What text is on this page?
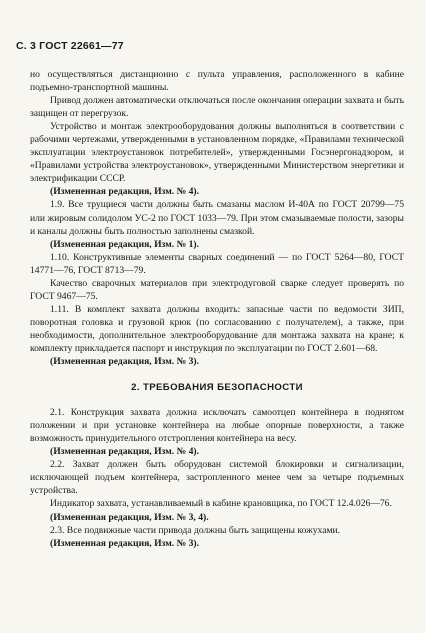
С. 3 ГОСТ 22661—77

но осуществляться дистанционно с пульта управления, расположенного в кабине подъемно-транспортной машины.

Привод должен автоматически отключаться после окончания операции захвата и быть защищен от перегрузок.

Устройство и монтаж электрооборудования должны выполняться в соответствии с рабочими чертежами, утвержденными в установленном порядке, «Правилами технической эксплуатации электроустановок потребителей», утвержденными Госэнергонадзором, и «Правилами устройства электроустановок», утвержденными Министерством энергетики и электрификации СССР.

(Измененная редакция, Изм. № 4).

1.9. Все трущиеся части должны быть смазаны маслом И-40А по ГОСТ 20799—75 или жировым солидолом УС-2 по ГОСТ 1033—79. При этом смазываемые полости, зазоры и каналы должны быть полностью заполнены смазкой.

(Измененная редакция, Изм. № 1).

1.10. Конструктивные элементы сварных соединений — по ГОСТ 5264—80, ГОСТ 14771—76, ГОСТ 8713—79.

Качество сварочных материалов при электродуговой сварке следует проверять по ГОСТ 9467—75.

1.11. В комплект захвата должны входить: запасные части по ведомости ЗИП, поворотная головка и грузовой крюк (по согласованию с получателем), а также, при необходимости, дополнительное электрооборудование для монтажа захвата на кране; к комплекту прикладается паспорт и инструкция по эксплуатации по ГОСТ 2.601—68.

(Измененная редакция, Изм. № 3).

2. ТРЕБОВАНИЯ БЕЗОПАСНОСТИ

2.1. Конструкция захвата должна исключать самоотцеп контейнера в поднятом положении и при установке контейнера на любые опорные поверхности, а также возможность принудительного отстропления контейнера на весу.

(Измененная редакция, Изм. № 4).

2.2. Захват должен быть оборудован системой блокировки и сигнализации, исключающей подъем контейнера, застропленного менее чем за четыре подъемных устройства.

Индикатор захвата, устанавливаемый в кабине крановщика, по ГОСТ 12.4.026—76.

(Измененная редакция, Изм. № 3, 4).

2.3. Все подвижные части привода должны быть защищены кожухами.

(Измененная редакция, Изм. № 3).
